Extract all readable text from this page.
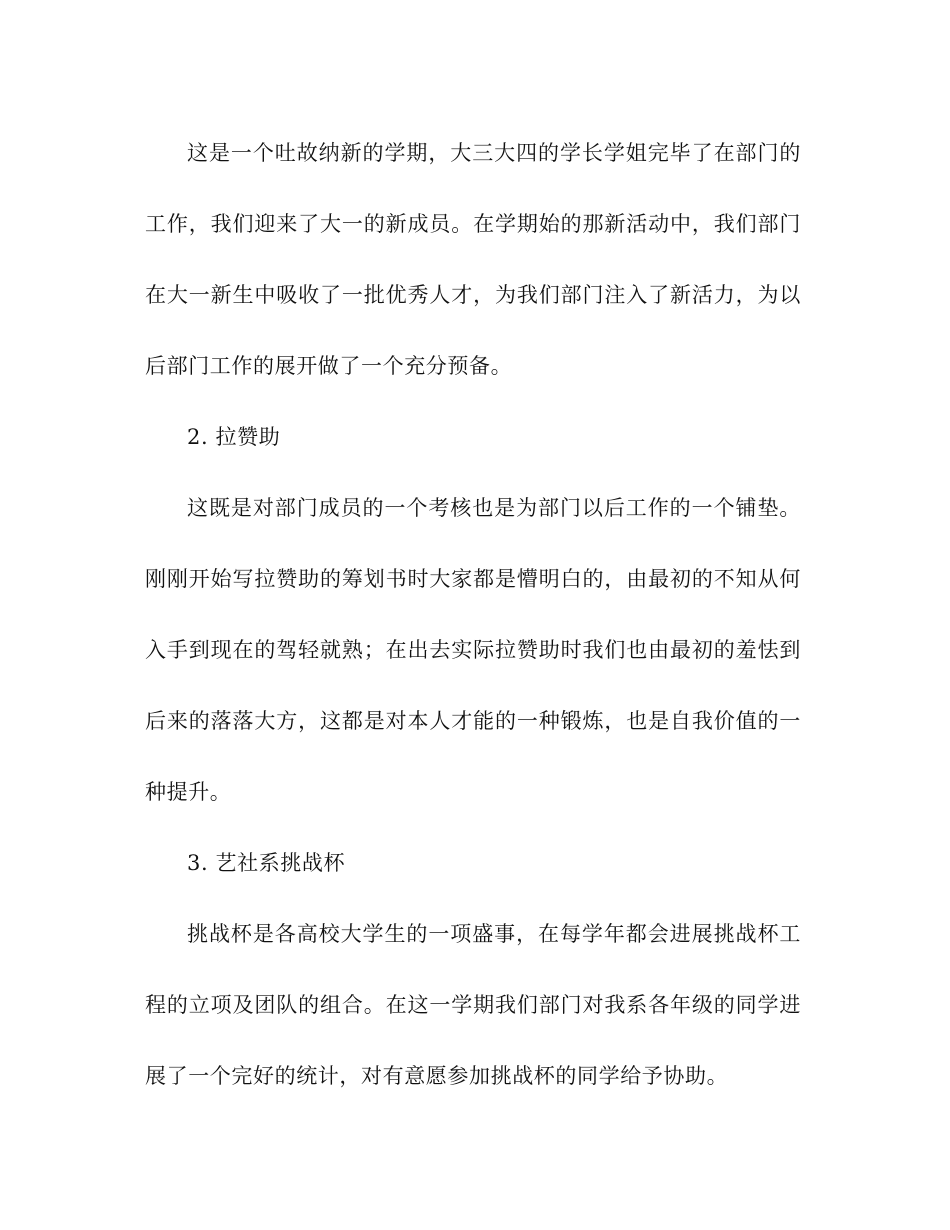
这是一个吐故纳新的学期，大三大四的学长学姐完毕了在部门的工作，我们迎来了大一的新成员。在学期始的那新活动中，我们部门在大一新生中吸收了一批优秀人才，为我们部门注入了新活力，为以后部门工作的展开做了一个充分预备。

2. 拉赞助

这既是对部门成员的一个考核也是为部门以后工作的一个铺垫。刚刚开始写拉赞助的筹划书时大家都是懵明白的，由最初的不知从何入手到现在的驾轻就熟；在出去实际拉赞助时我们也由最初的羞怯到后来的落落大方，这都是对本人才能的一种锻炼，也是自我价值的一种提升。

3. 艺社系挑战杯

挑战杯是各高校大学生的一项盛事，在每学年都会进展挑战杯工程的立项及团队的组合。在这一学期我们部门对我系各年级的同学进展了一个完好的统计，对有意愿参加挑战杯的同学给予协助。
